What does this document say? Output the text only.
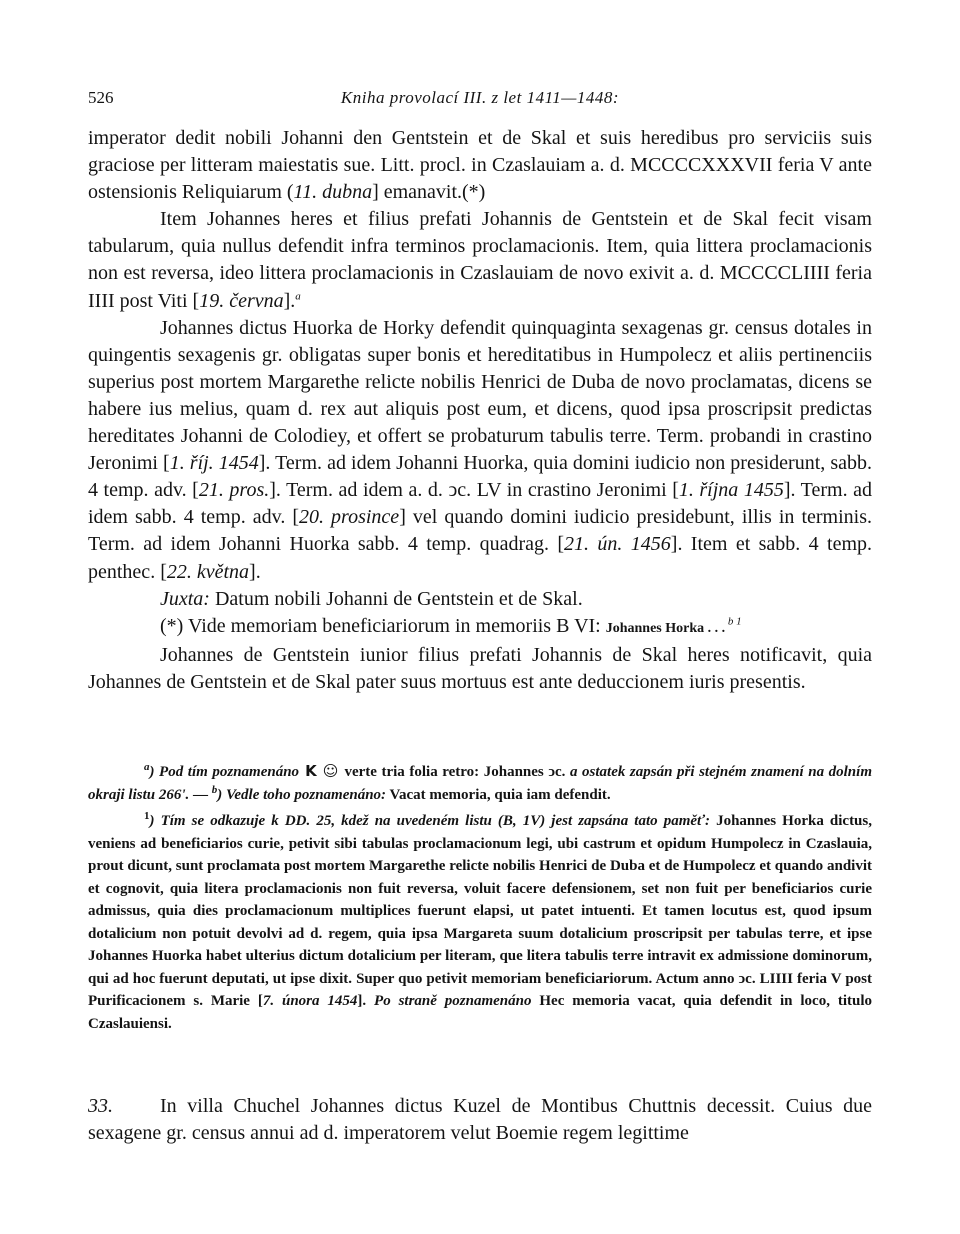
526	Kniha provolací III. z let 1411—1448:

imperator dedit nobili Johanni den Gentstein et de Skal et suis heredibus pro serviciis suis graciose per litteram maiestatis sue. Litt. procl. in Czaslauiam a. d. MCCCCXXXVII feria V ante ostensionis Reliquiarum (11. dubna] emanavit.(*)

Item Johannes heres et filius prefati Johannis de Gentstein et de Skal fecit visam tabularum, quia nullus defendit infra terminos proclamacionis. Item, quia littera proclamacionis non est reversa, ideo littera proclamacionis in Czaslauiam de novo exivit a. d. MCCCCLIIII feria IIII post Viti [19. června].$^a$

Johannes dictus Huorka de Horky defendit quinquaginta sexagenas gr. census dotales in quingentis sexagenis gr. obligatas super bonis et hereditatibus in Humpolecz et aliis pertinenciis superius post mortem Margarethe relicte nobilis Henrici de Duba de novo proclamatas, dicens se habere ius melius, quam d. rex aut aliquis post eum, et dicens, quod ipsa proscripsit predictas hereditates Johanni de Colodiey, et offert se probaturum tabulis terre. Term. probandi in crastino Jeronimi [1. říj. 1454]. Term. ad idem Johanni Huorka, quia domini iudicio non presiderunt, sabb. 4 temp. adv. [21. pros.]. Term. ad idem a. d. ↄc. LV in crastino Jeronimi [1. října 1455]. Term. ad idem sabb. 4 temp. adv. [20. prosince] vel quando domini iudicio presidebunt, illis in terminis. Term. ad idem Johanni Huorka sabb. 4 temp. quadrag. [21. ún. 1456]. Item et sabb. 4 temp. penthec. [22. května].

Juxta: Datum nobili Johanni de Gentstein et de Skal.

(*) Vide memoriam beneficiariorum in memoriis B VI: Johannes Horka . . . $^{b 1}$

Johannes de Gentstein iunior filius prefati Johannis de Skal heres notificavit, quia Johannes de Gentstein et de Skal pater suus mortuus est ante deduccionem iuris presentis.

$^a$) Pod tím poznamenáno K ☺ verte tria folia retro: Johannes ↄc. a ostatek zapsán při stejném znamení na dolním okraji listu 266'. — $^b$) Vedle toho poznamenáno: Vacat memoria, quia iam defendit.

$^1$) Tím se odkazuje k DD. 25, kdež na uvedeném listu (B, 1V) jest zapsána tato paměť: Johannes Horka dictus, veniens ad beneficiarios curie, petivit sibi tabulas proclamacionum legi, ubi castrum et opidum Humpolecz in Czaslauia, prout dicunt, sunt proclamata post mortem Margarethe relicte nobilis Henrici de Duba et de Humpolecz et quando andivit et cognovit, quia litera proclamacionis non fuit reversa, voluit facere defensionem, set non fuit per beneficiarios curie admissus, quia dies proclamacionum multiplices fuerunt elapsi, ut patet intuenti. Et tamen locutus est, quod ipsum dotalicium non potuit devolvi ad d. regem, quia ipsa Margareta suum dotalicium proscripsit per tabulas terre, et ipse Johannes Huorka habet ulterius dictum dotalicium per literam, que litera tabulis terre intravit ex admissione dominorum, qui ad hoc fuerunt deputati, ut ipse dixit. Super quo petivit memoriam beneficiariorum. Actum anno ↄc. LIIII feria V post Purificacionem s. Marie [7. února 1454]. Po straně poznamenáno Hec memoria vacat, quia defendit in loco, titulo Czaslauiensi.

33. In villa Chuchel Johannes dictus Kuzel de Montibus Chuttnis decessit. Cuius due sexagene gr. census annui ad d. imperatorem velut Boemie regem legittime
